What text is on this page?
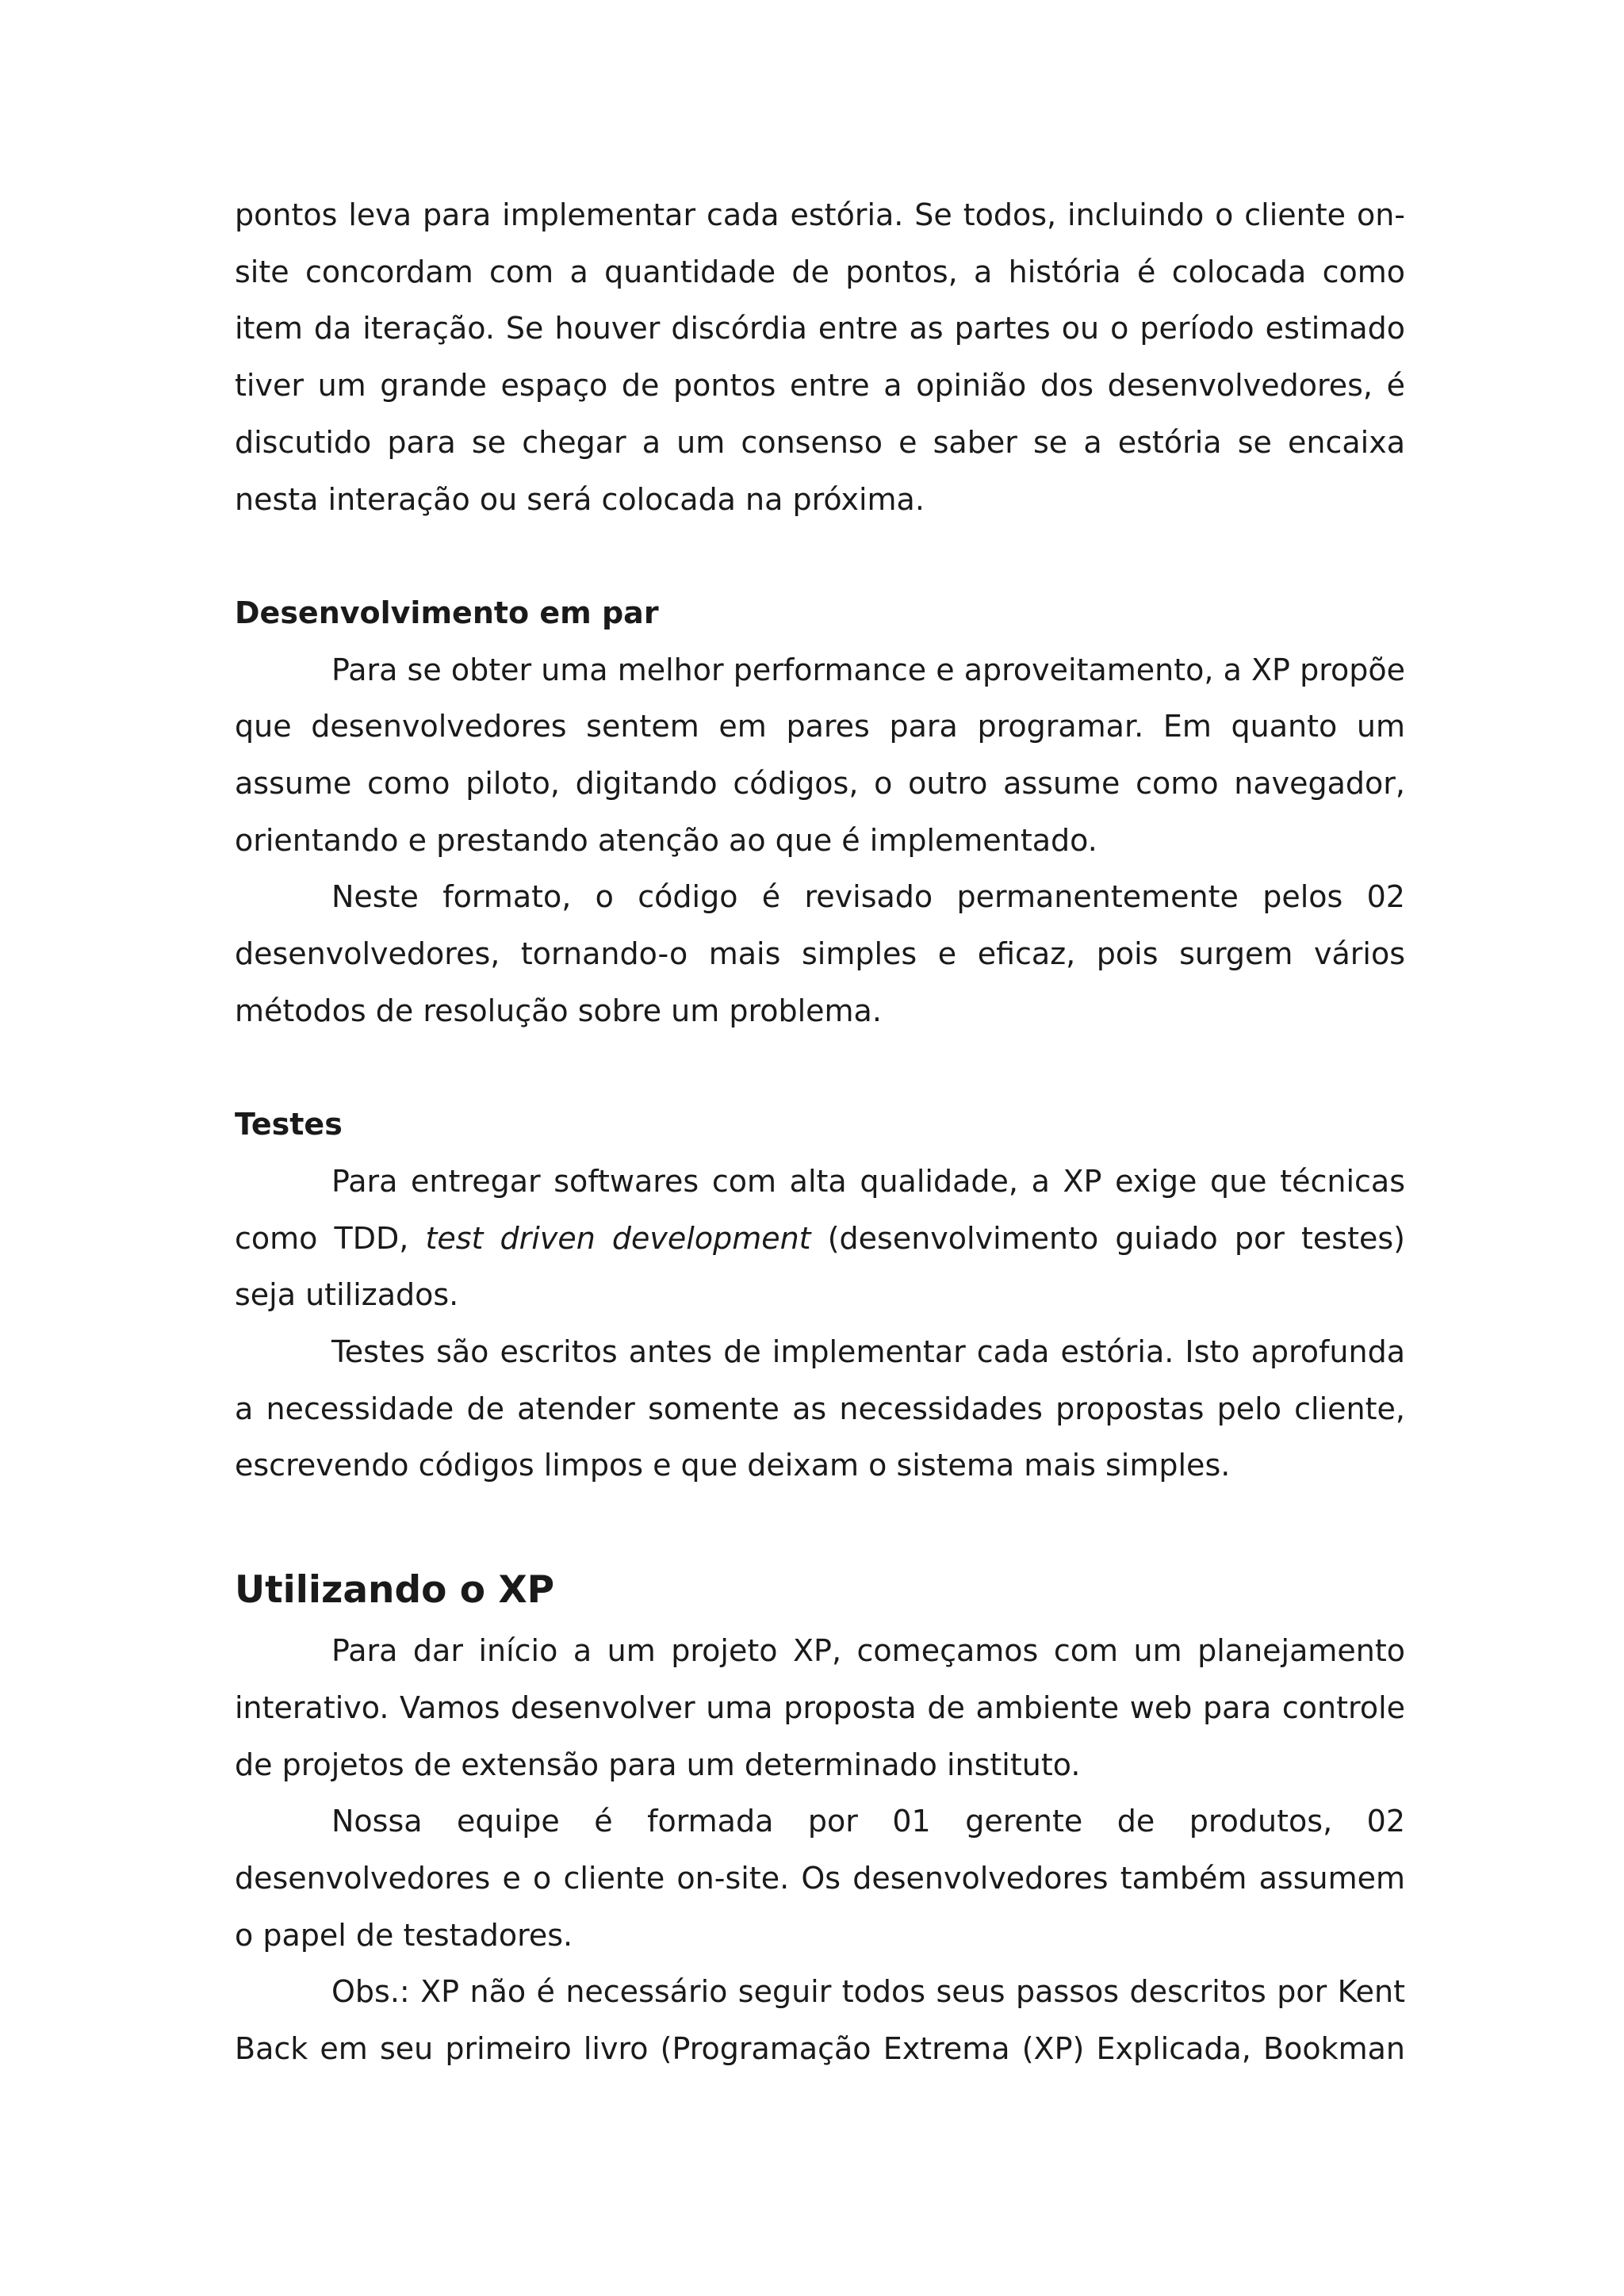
pontos leva para implementar cada estória. Se todos, incluindo o cliente on-site concordam com a quantidade de pontos, a história é colocada como item da iteração. Se houver discórdia entre as partes ou o período estimado tiver um grande espaço de pontos entre a opinião dos desenvolvedores, é discutido para se chegar a um consenso e saber se a estória se encaixa nesta interação ou será colocada na próxima.

Desenvolvimento em par

Para se obter uma melhor performance e aproveitamento, a XP propõe que desenvolvedores sentem em pares para programar. Em quanto um assume como piloto, digitando códigos, o outro assume como navegador, orientando e prestando atenção ao que é implementado.

Neste formato, o código é revisado permanentemente pelos 02 desenvolvedores, tornando-o mais simples e eficaz, pois surgem vários métodos de resolução sobre um problema.

Testes

Para entregar softwares com alta qualidade, a XP exige que técnicas como TDD, test driven development (desenvolvimento guiado por testes) seja utilizados.

Testes são escritos antes de implementar cada estória. Isto aprofunda a necessidade de atender somente as necessidades propostas pelo cliente, escrevendo códigos limpos e que deixam o sistema mais simples.

Utilizando o XP

Para dar início a um projeto XP, começamos com um planejamento interativo. Vamos desenvolver uma proposta de ambiente web para controle de projetos de extensão para um determinado instituto.

Nossa equipe é formada por 01 gerente de produtos, 02 desenvolvedores e o cliente on-site. Os desenvolvedores também assumem o papel de testadores.

Obs.: XP não é necessário seguir todos seus passos descritos por Kent Back em seu primeiro livro (Programação Extrema (XP) Explicada, Bookman
